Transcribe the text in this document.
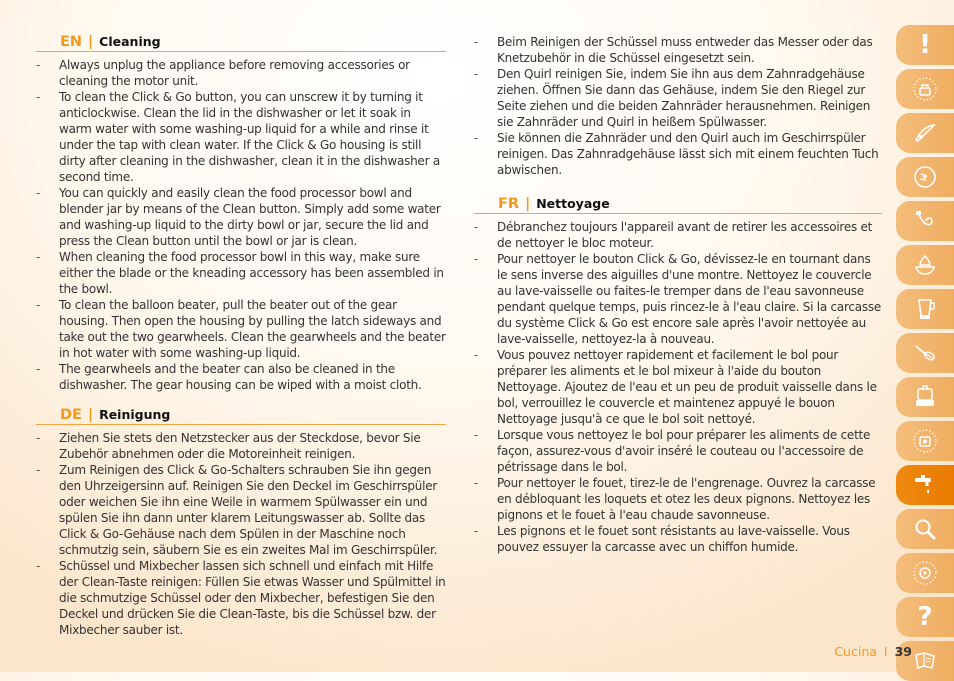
EN | Cleaning
- Always unplug the appliance before removing accessories or cleaning the motor unit.
- To clean the Click & Go button, you can unscrew it by turning it anticlockwise. Clean the lid in the dishwasher or let it soak in warm water with some washing-up liquid for a while and rinse it under the tap with clean water. If the Click & Go housing is still dirty after cleaning in the dishwasher, clean it in the dishwasher a second time.
- You can quickly and easily clean the food processor bowl and blender jar by means of the Clean button. Simply add some water and washing-up liquid to the dirty bowl or jar, secure the lid and press the Clean button until the bowl or jar is clean.
- When cleaning the food processor bowl in this way, make sure either the blade or the kneading accessory has been assembled in the bowl.
- To clean the balloon beater, pull the beater out of the gear housing. Then open the housing by pulling the latch sideways and take out the two gearwheels. Clean the gearwheels and the beater in hot water with some washing-up liquid.
- The gearwheels and the beater can also be cleaned in the dishwasher. The gear housing can be wiped with a moist cloth.
DE | Reinigung
- Ziehen Sie stets den Netzstecker aus der Steckdose, bevor Sie Zubehör abnehmen oder die Motoreinheit reinigen.
- Zum Reinigen des Click & Go-Schalters schrauben Sie ihn gegen den Uhrzeigersinn auf. Reinigen Sie den Deckel im Geschirrspüler oder weichen Sie ihn eine Weile in warmem Spülwasser ein und spülen Sie ihn dann unter klarem Leitungswasser ab. Sollte das Click & Go-Gehäuse nach dem Spülen in der Maschine noch schmutzig sein, säubern Sie es ein zweites Mal im Geschirrspüler.
- Schüssel und Mixbecher lassen sich schnell und einfach mit Hilfe der Clean-Taste reinigen: Füllen Sie etwas Wasser und Spülmittel in die schmutzige Schüssel oder den Mixbecher, befestigen Sie den Deckel und drücken Sie die Clean-Taste, bis die Schüssel bzw. der Mixbecher sauber ist.
- Beim Reinigen der Schüssel muss entweder das Messer oder das Knetzubehör in die Schüssel eingesetzt sein.
- Den Quirl reinigen Sie, indem Sie ihn aus dem Zahnradgehäuse ziehen. Öffnen Sie dann das Gehäuse, indem Sie den Riegel zur Seite ziehen und die beiden Zahnräder herausnehmen. Reinigen sie Zahnräder und Quirl in heißem Spülwasser.
- Sie können die Zahnräder und den Quirl auch im Geschirrspüler reinigen. Das Zahnradgehäuse lässt sich mit einem feuchten Tuch abwischen.
FR | Nettoyage
- Débranchez toujours l'appareil avant de retirer les accessoires et de nettoyer le bloc moteur.
- Pour nettoyer le bouton Click & Go, dévissez-le en tournant dans le sens inverse des aiguilles d'une montre. Nettoyez le couvercle au lave-vaisselle ou faites-le tremper dans de l'eau savonneuse pendant quelque temps, puis rincez-le à l'eau claire. Si la carcasse du système Click & Go est encore sale après l'avoir nettoyée au lave-vaisselle, nettoyez-la à nouveau.
- Vous pouvez nettoyer rapidement et facilement le bol pour préparer les aliments et le bol mixeur à l'aide du bouton Nettoyage. Ajoutez de l'eau et un peu de produit vaisselle dans le bol, verrouillez le couvercle et maintenez appuyé le bouon Nettoyage jusqu'à ce que le bol soit nettoyé.
- Lorsque vous nettoyez le bol pour préparer les aliments de cette façon, assurez-vous d'avoir inséré le couteau ou l'accessoire de pétrissage dans le bol.
- Pour nettoyer le fouet, tirez-le de l'engrenage. Ouvrez la carcasse en débloquant les loquets et otez les deux pignons. Nettoyez les pignons et le fouet à l'eau chaude savonneuse.
- Les pignons et le fouet sont résistants au lave-vaisselle. Vous pouvez essuyer la carcasse avec un chiffon humide.
!
?
Cucina I 39
